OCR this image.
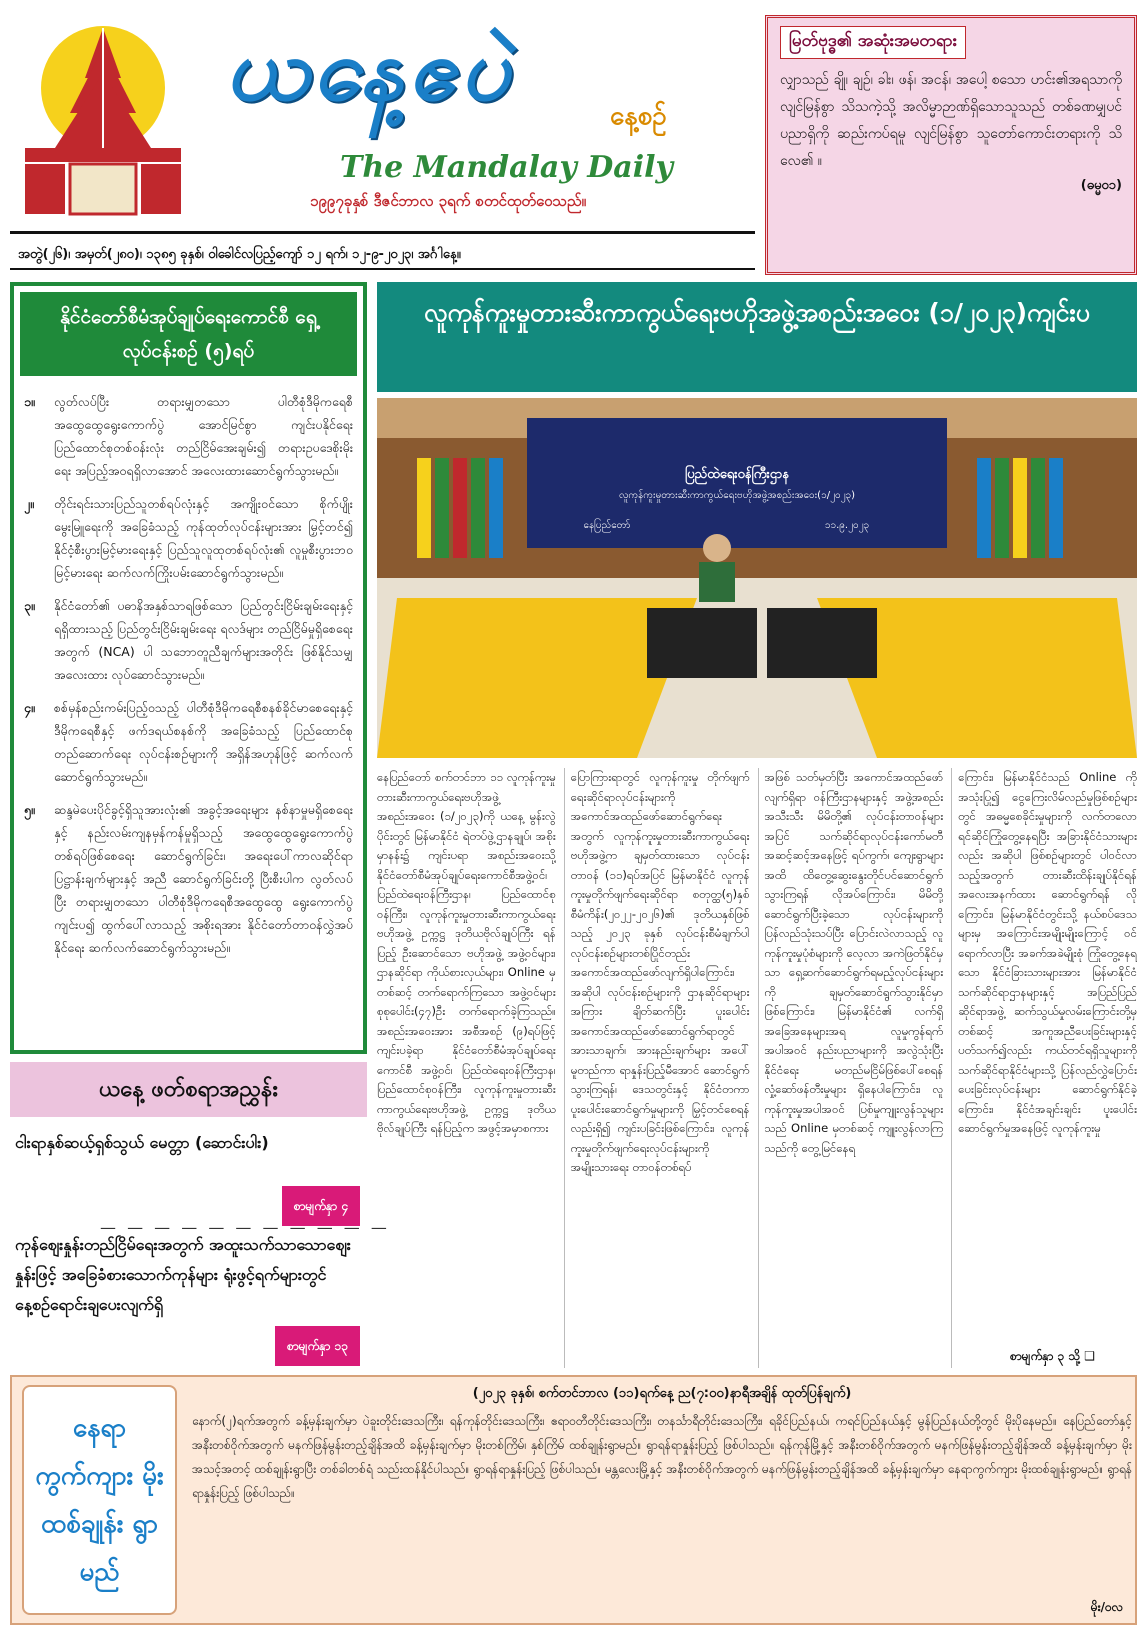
ယနေ့ဧပဲ	နေ့စဉ်
The Mandalay Daily
၁၉၉၇ခုနှစ် ဒီဇင်ဘာလ ၃ရက် စတင်ထုတ်ဝေသည်။
အတွဲ(၂၆)၊ အမှတ်(၂၈၀)၊ ၁၃၈၅ ခုနှစ်၊ ဝါခေါင်လပြည့်ကျော် ၁၂ ရက်၊ ၁၂-၉-၂၀၂၃၊ အင်္ဂါနေ့။
မြတ်ဗုဒ္ဓ၏ အဆုံးအမတရား
လျှာသည် ချို၊ ချဉ်၊ ခါး၊ ဖန်၊ အငန်၊ အပေါ့ စသော ဟင်း၏အရသာကို လျင်မြန်စွာ သိသကဲ့သို့ အလိမ္မာဉာဏ်ရှိသောသူသည် တစ်ခဏမျှပင် ပညာရှိကို ဆည်းကပ်ရမူ လျင်မြန်စွာ သူတော်ကောင်းတရားကို သိလေ၏ ။
(ဓမ္မ၀၁)
နိုင်ငံတော်စီမံအုပ်ချုပ်ရေးကောင်စီ ရှေ့လုပ်ငန်းစဉ် (၅)ရပ်
၁။	လွတ်လပ်ပြီး တရားမျှတသော ပါတီစုံဒီမိုကရေစီ အထွေထွေရွေးကောက်ပွဲ အောင်မြင်စွာ ကျင်းပနိုင်ရေး ပြည်ထောင်စုတစ်ဝန်းလုံး တည်ငြိမ်အေးချမ်း၍ တရားဥပဒေစိုးမိုးရေး အပြည့်အဝရရှိလာအောင် အလေးထားဆောင်ရွက်သွားမည်။
၂။	တိုင်းရင်းသားပြည်သူတစ်ရပ်လုံးနှင့် အကျိုးဝင်သော စိုက်ပျိုးမွေးမြူရေးကို အခြေခံသည့် ကုန်ထုတ်လုပ်ငန်းများအား မြှင့်တင်၍ နိုင်ငံ့စီးပွားမြင့်မားရေးနှင့် ပြည်သူလူထုတစ်ရပ်လုံး၏ လူမှုစီးပွားဘဝမြင့်မားရေး ဆက်လက်ကြိုးပမ်းဆောင်ရွက်သွားမည်။
၃။	နိုင်ငံတော်၏ ပဓာနိအနှစ်သာရဖြစ်သော ပြည်တွင်းငြိမ်းချမ်းရေးနှင့် ရရှိထားသည့် ပြည်တွင်းငြိမ်းချမ်းရေး ရလဒ်များ တည်ငြိမ်မှုရှိစေရေးအတွက် (NCA) ပါ သဘောတူညီချက်များအတိုင်း ဖြစ်နိုင်သမျှ အလေးထား လုပ်ဆောင်သွားမည်။
၄။	စစ်မှန်စည်းကမ်းပြည့်ဝသည့် ပါတီစုံဒီမိုကရေစီစနစ်ခိုင်မာစေရေးနှင့် ဒီမိုကရေစီနှင့် ဖက်ဒရယ်စနစ်ကို အခြေခံသည့် ပြည်ထောင်စုတည်ဆောက်ရေး လုပ်ငန်းစဉ်များကို အရှိန်အဟုန်ဖြင့် ဆက်လက်ဆောင်ရွက်သွားမည်။
၅။	ဆန္ဒမဲပေးပိုင်ခွင့်ရှိသူအားလုံး၏ အခွင့်အရေးများ နစ်နာမှုမရှိစေရေးနှင့် နည်းလမ်းကျနမှန်ကန်မှုရှိသည့် အထွေထွေရွေးကောက်ပွဲတစ်ရပ်ဖြစ်စေရေး ဆောင်ရွက်ခြင်း၊ အရေးပေါ်ကာလဆိုင်ရာ ပြဋ္ဌာန်းချက်များနှင့် အညီ ဆောင်ရွက်ခြင်းတို့ ပြီးစီးပါက လွတ်လပ်ပြီး တရားမျှတသော ပါတီစုံဒီမိုကရေစီအထွေထွေ ရွေးကောက်ပွဲ ကျင်းပ၍ ထွက်ပေါ်လာသည့် အစိုးရအား နိုင်ငံတော်တာဝန်လွှဲအပ်နိုင်ရေး ဆက်လက်ဆောင်ရွက်သွားမည်။
ယနေ့ ဖတ်စရာအညွှန်း
ငါးရာနှစ်ဆယ့်ရှစ်သွယ် မေတ္တာ (ဆောင်းပါး)
စာမျက်နှာ ၄
— — — — — — — — — — —
ကုန်စျေးနှုန်းတည်ငြိမ်ရေးအတွက် အထူးသက်သာသောစျေးနှုန်းဖြင့် အခြေခံစားသောက်ကုန်များ ရုံးဖွင့်ရက်များတွင် နေ့စဉ်ရောင်းချပေးလျက်ရှိ
စာမျက်နှာ ၁၃
လူကုန်ကူးမှုတားဆီးကာကွယ်ရေးဗဟိုအဖွဲ့အစည်းအဝေး (၁/၂၀၂၃)ကျင်းပ
ပြည်ထဲရေးဝန်ကြီးဌာန
လူကုန်ကူးမှုတားဆီးကာကွယ်ရေးဗဟိုအဖွဲ့အစည်းအဝေး(၁/၂၀၂၃)
နေပြည်တော်	၁၁.၉.၂၀၂၃
နေပြည်တော် စက်တင်ဘာ ၁၁ လူကုန်ကူးမှုတားဆီးကာကွယ်ရေးဗဟိုအဖွဲ့ အစည်းအဝေး (၁/၂၀၂၃)ကို ယနေ့ မွန်းလွဲပိုင်းတွင် မြန်မာနိုင်ငံ ရဲတပ်ဖွဲ့ဌာနချုပ်၊ အစိုးမှာနန်း၌ ကျင်းပရာ အစည်းအဝေးသို့ နိုင်ငံတော်စီမံအုပ်ချုပ်ရေးကောင်စီအဖွဲ့ဝင်၊ ပြည်ထဲရေးဝန်ကြီးဌာန၊ ပြည်ထောင်စုဝန်ကြီး၊ လူကုန်ကူးမှုတားဆီးကာကွယ်ရေးဗဟိုအဖွဲ့ ဥက္ကဋ္ဌ ဒုတိယဗိုလ်ချုပ်ကြီး ရန်ပြည့် ဦးဆောင်သော ဗဟိုအဖွဲ့ အဖွဲ့ဝင်များ၊ ဌာနဆိုင်ရာ ကိုယ်စားလှယ်များ၊ Online မှ တစ်ဆင့် တက်ရောက်ကြသော အဖွဲ့ဝင်များ စုစုပေါင်း(၄၇)ဦး တက်ရောက်ခဲ့ကြသည်။ အစည်းအဝေးအား အစီအစဉ် (၉)ရပ်ဖြင့် ကျင်းပခဲ့ရာ နိုင်ငံတော်စီမံအုပ်ချုပ်ရေးကောင်စီ အဖွဲ့ဝင်၊ ပြည်ထဲရေးဝန်ကြီးဌာန၊ ပြည်ထောင်စုဝန်ကြီး၊ လူကုန်ကူးမှုတားဆီးကာကွယ်ရေးဗဟိုအဖွဲ့ ဥက္ကဋ္ဌ ဒုတိယဗိုလ်ချုပ်ကြီး ရန်ပြည့်က အဖွင့်အမှာစကား
ပြောကြားရာတွင် လူကုန်ကူးမှု တိုက်ဖျက်ရေးဆိုင်ရာလုပ်ငန်းများကို အကောင်အထည်ဖော်ဆောင်ရွက်ရေးအတွက် လူကုန်ကူးမှုတားဆီးကာကွယ်ရေးဗဟိုအဖွဲ့က ချမှတ်ထားသော လုပ်ငန်းတာဝန် (၁၁)ရပ်အပြင် မြန်မာနိုင်ငံ လူကုန်ကူးမှုတိုက်ဖျက်ရေးဆိုင်ရာ စတုတ္ထ(၅)နှစ်စီမံကိန်း(၂၀၂၂-၂၀၂၆)၏ ဒုတိယနှစ်ဖြစ်သည့် ၂၀၂၃ ခုနှစ် လုပ်ငန်းစီမံချက်ပါ လုပ်ငန်းစဉ်များတစ်ပြိုင်တည်း အကောင်အထည်ဖော်လျက်ရှိပါကြောင်း၊ အဆိုပါ လုပ်ငန်းစဉ်များကို ဌာနဆိုင်ရာများအကြား ချိတ်ဆက်ပြီး ပူးပေါင်းအကောင်အထည်ဖော်ဆောင်ရွက်ရာတွင် အားသာချက်၊ အားနည်းချက်များ အပေါ်မူတည်ကာ ရာနှုန်းပြည့်မီအောင် ဆောင်ရွက်သွားကြရန်၊ ဒေသတွင်းနှင့် နိုင်ငံတကာ ပူးပေါင်းဆောင်ရွက်မှုများကို မြှင့်တင်စေရန်လည်းရှိ၍ ကျင်းပခြင်းဖြစ်ကြောင်း၊ လူကုန်ကူးမှုတိုက်ဖျက်ရေးလုပ်ငန်းများကို အမျိုးသားရေး တာဝန်တစ်ရပ်
အဖြစ် သတ်မှတ်ပြီး အကောင်အထည်ဖော်လျက်ရှိရာ ဝန်ကြီးဌာနများနှင့် အဖွဲ့အစည်းအသီးသီး မိမိတို့၏ လုပ်ငန်းတာဝန်များအပြင် သက်ဆိုင်ရာလုပ်ငန်းကော်မတီ အဆင့်ဆင့်အနေဖြင့် ရပ်ကွက်၊ ကျေးရွာများအထိ ထိတွေ့ဆွေးနွေးတိုင်ပင်ဆောင်ရွက်သွားကြရန် လိုအပ်ကြောင်း၊ မိမိတို့ ဆောင်ရွက်ပြီးခဲ့သော လုပ်ငန်းများကို ပြန်လည်သုံးသပ်ပြီး ပြောင်းလဲလာသည့် လူကုန်ကူးမှုပုံစံများကို လေ့လာ အကဲဖြတ်နိုင်မှသာ ရှေ့ဆက်ဆောင်ရွက်ရမည့်လုပ်ငန်းများကို ချမှတ်ဆောင်ရွက်သွားနိုင်မှာ ဖြစ်ကြောင်း၊ မြန်မာနိုင်ငံ၏ လက်ရှိအခြေအနေများအရ လူမှုကွန်ရက်အပါအဝင် နည်းပညာများကို အလွဲသုံးပြီး နိုင်ငံရေး မတည်မငြိမ်ဖြစ်ပေါ်စေရန် လှုံ့ဆော်ဖန်တီးမှုများ ရှိနေပါကြောင်း၊ လူကုန်ကူးမှုအပါအဝင် ပြစ်မှုကျူးလွန်သူများသည် Online မှတစ်ဆင့် ကျူးလွန်လာကြသည်ကို တွေ့မြင်နေရ
ကြောင်း၊ မြန်မာနိုင်ငံသည် Online ကို အသုံးပြု၍ ငွေကြေးလိမ်လည်မှုဖြစ်စဉ်များတွင် အဓမ္မစေခိုင်းမှုများကို လက်တလော ရင်ဆိုင်ကြုံတွေ့နေရပြီး အခြားနိုင်ငံသားများလည်း အဆိုပါ ဖြစ်စဉ်များတွင် ပါဝင်လာသည့်အတွက် တားဆီးထိန်းချုပ်နိုင်ရန် အလေးအနက်ထား ဆောင်ရွက်ရန် လိုကြောင်း၊ မြန်မာနိုင်ငံတွင်းသို့ နယ်စပ်ဒေသများမှ အကြောင်းအမျိုးမျိုးကြောင့် ဝင်ရောက်လာပြီး အခက်အခဲမျိုးစုံ ကြုံတွေ့နေရသော နိုင်ငံခြားသားများအား မြန်မာနိုင်ငံသက်ဆိုင်ရာဌာနများနှင့် အပြည်ပြည်ဆိုင်ရာအဖွဲ့ ဆက်သွယ်မှုလမ်းကြောင်းတို့မှတစ်ဆင့် အကူအညီပေးခြင်းများနှင့် ပတ်သက်၍လည်း ကယ်တင်ရရှိသူများကို သက်ဆိုင်ရာနိုင်ငံများသို့ ပြန်လည်လွှဲပြောင်းပေးခြင်းလုပ်ငန်းများ ဆောင်ရွက်နိုင်ခဲ့ကြောင်း၊ နိုင်ငံအချင်းချင်း ပူးပေါင်းဆောင်ရွက်မှုအနေဖြင့် လူကုန်ကူးမှု
စာမျက်နှာ ၃ သို့ ❑
နေရာ ကွက်ကျား မိုးထစ်ချုန်း ရွာမည်
(၂၀၂၃ ခုနှစ်၊ စက်တင်ဘာလ (၁၁)ရက်နေ့ ည(၇:၀၀)နာရီအချိန် ထုတ်ပြန်ချက်)
နောက်(၂)ရက်အတွက် ခန့်မှန်းချက်မှာ ပဲခူးတိုင်းဒေသကြီး၊ ရန်ကုန်တိုင်းဒေသကြီး၊ ဧရာဝတီတိုင်းဒေသကြီး၊ တနင်္သာရီတိုင်းဒေသကြီး၊ ရခိုင်ပြည်နယ်၊ ကရင်ပြည်နယ်နှင့် မွန်ပြည်နယ်တို့တွင် မိုးပိုနေမည်။ နေပြည်တော်နှင့် အနီးတစ်ဝိုက်အတွက် မနက်ဖြန်မွန်းတည့်ချိန်အထိ ခန့်မှန်းချက်မှာ မိုးတစ်ကြိမ်၊ နှစ်ကြိမ် ထစ်ချုန်းရွာမည်။ ရွာရန်ရာနှုန်းပြည့် ဖြစ်ပါသည်။ ရန်ကုန်မြို့နှင့် အနီးတစ်ဝိုက်အတွက် မနက်ဖြန်မွန်းတည့်ချိန်အထိ ခန့်မှန်းချက်မှာ မိုးအသင့်အတင့် ထစ်ချုန်းရွာပြီး တစ်ခါတစ်ရံ သည်းထန်နိုင်ပါသည်။ ရွာရန်ရာနှုန်းပြည့် ဖြစ်ပါသည်။ မန္တလေးမြို့နှင့် အနီးတစ်ဝိုက်အတွက် မနက်ဖြန်မွန်းတည့်ချိန်အထိ ခန့်မှန်းချက်မှာ နေရာကွက်ကျား မိုးထစ်ချုန်းရွာမည်။ ရွာရန်ရာနှုန်းပြည့် ဖြစ်ပါသည်။
မိုး/ဝလ
